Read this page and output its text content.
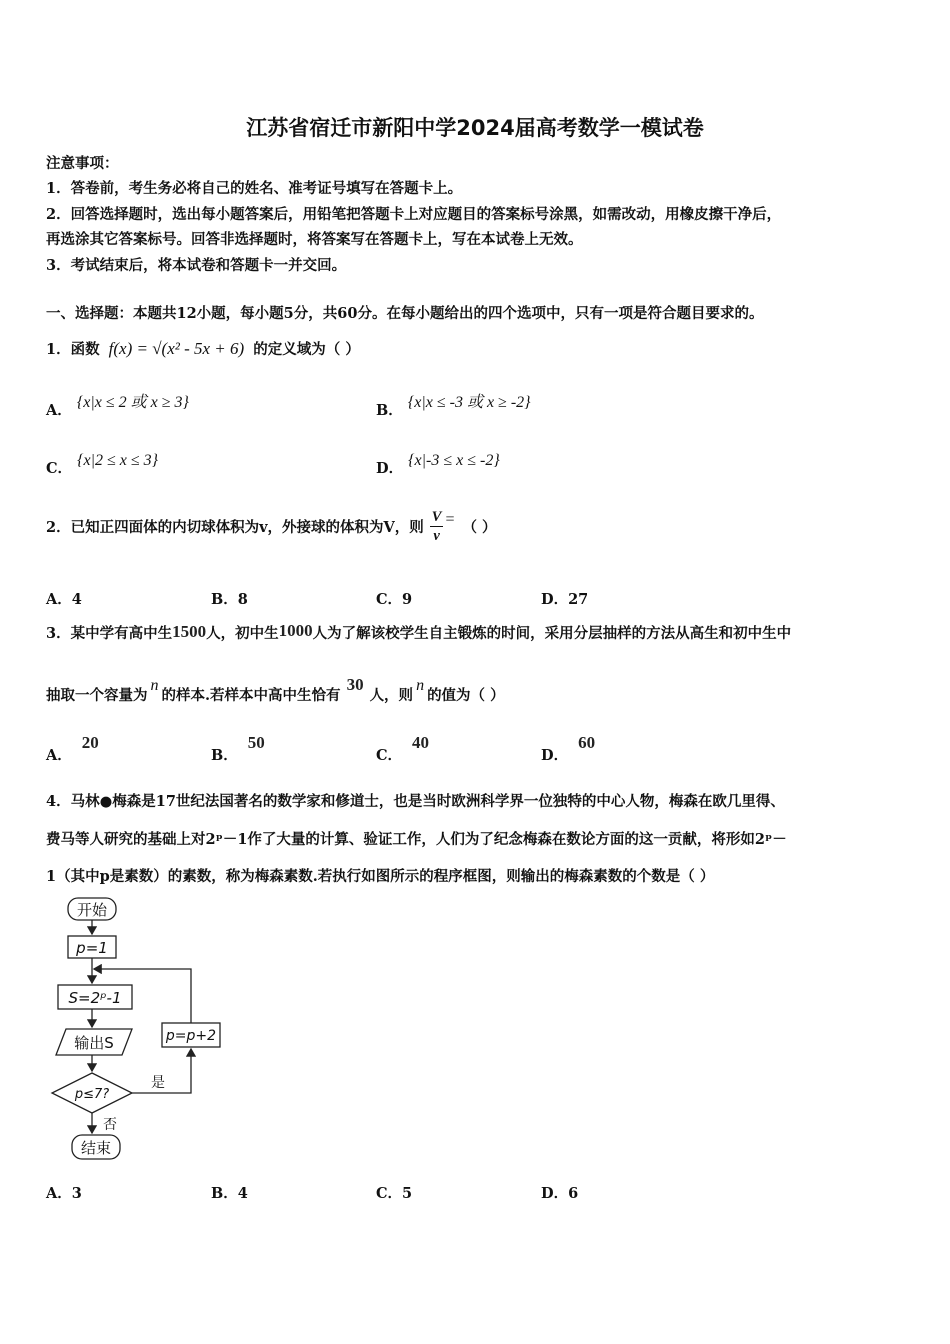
江苏省宿迁市新阳中学2024届高考数学一模试卷
注意事项：
1．答卷前，考生务必将自己的姓名、准考证号填写在答题卡上。
2．回答选择题时，选出每小题答案后，用铅笔把答题卡上对应题目的答案标号涂黑，如需改动，用橡皮擦干净后，
再选涂其它答案标号。回答非选择题时，将答案写在答题卡上，写在本试卷上无效。
3．考试结束后，将本试卷和答题卡一并交回。
一、选择题：本题共12小题，每小题5分，共60分。在每小题给出的四个选项中，只有一项是符合题目要求的。
1．函数 f(x) = √(x² - 5x + 6) 的定义域为（ ）
A． {x|x ≤ 2 或 x ≥ 3}	B． {x|x ≤ -3 或 x ≥ -2}
C． {x|2 ≤ x ≤ 3}	D． {x|-3 ≤ x ≤ -2}
2．已知正四面体的内切球体积为v，外接球的体积为V，则 $\frac{V}{v}$ = （ ）
A．4	B．8	C．9	D．27
3．某中学有高中生1500人，初中生1000人为了解该校学生自主锻炼的时间，采用分层抽样的方法从高生和初中生中
抽取一个容量为n的样本.若样本中高中生恰有30人，则n的值为（ ）
A．20
B．50
C．40
D．60
4．马林●梅森是17世纪法国著名的数学家和修道士，也是当时欧洲科学界一位独特的中心人物，梅森在欧几里得、
费马等人研究的基础上对2ᵖ－1作了大量的计算、验证工作，人们为了纪念梅森在数论方面的这一贡献，将形如2ᵖ－
1（其中p是素数）的素数，称为梅森素数.若执行如图所示的程序框图，则输出的梅森素数的个数是（ ）
开始
p=1
S=2ᵖ-1
输出S
p≤7?
p=p+2
是
否
结束
A．3	B．4	C．5	D．6
